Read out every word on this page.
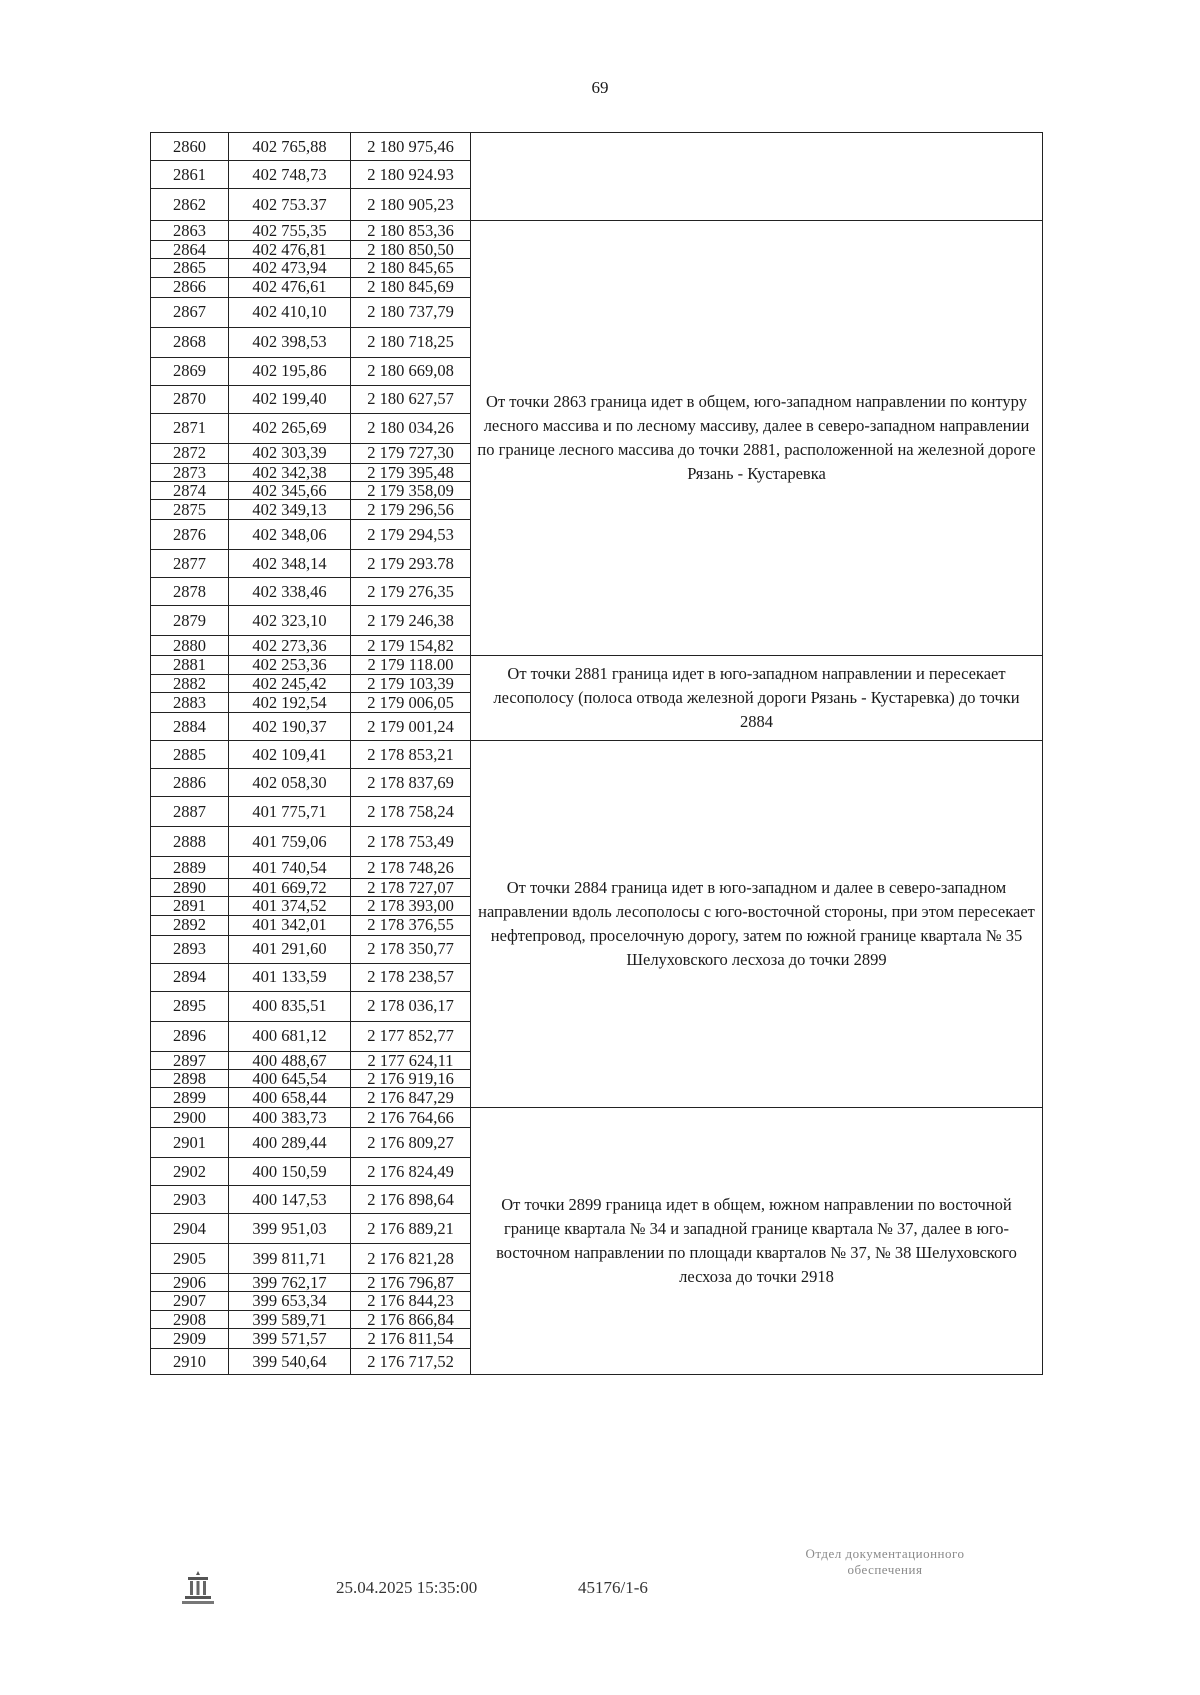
69
2860	402 765,88	2 180 975,46	
2861	402 748,73	2 180 924.93	
2862	402 753.37	2 180 905,23	
2863	402 755,35	2 180 853,36	От точки 2863 граница идет в общем, юго-западном направлении по контуру лесного массива и по лесному массиву, далее в северо-западном направлении по границе лесного массива до точки 2881, расположенной на железной дороге Рязань - Кустаревка
2864	402 476,81	2 180 850,50	
2865	402 473,94	2 180 845,65	
2866	402 476,61	2 180 845,69	
2867	402 410,10	2 180 737,79	
2868	402 398,53	2 180 718,25	
2869	402 195,86	2 180 669,08	
2870	402 199,40	2 180 627,57	
2871	402 265,69	2 180 034,26	
2872	402 303,39	2 179 727,30	
2873	402 342,38	2 179 395,48	
2874	402 345,66	2 179 358,09	
2875	402 349,13	2 179 296,56	
2876	402 348,06	2 179 294,53	
2877	402 348,14	2 179 293.78	
2878	402 338,46	2 179 276,35	
2879	402 323,10	2 179 246,38	
2880	402 273,36	2 179 154,82	
2881	402 253,36	2 179 118.00	От точки 2881 граница идет в юго-западном направлении и пересекает лесополосу (полоса отвода железной дороги Рязань - Кустаревка) до точки 2884
2882	402 245,42	2 179 103,39	
2883	402 192,54	2 179 006,05	
2884	402 190,37	2 179 001,24	
2885	402 109,41	2 178 853,21	От точки 2884 граница идет в юго-западном и далее в северо-западном направлении вдоль лесополосы с юго-восточной стороны, при этом пересекает нефтепровод, проселочную дорогу, затем по южной границе квартала № 35 Шелуховского лесхоза до точки 2899
2886	402 058,30	2 178 837,69	
2887	401 775,71	2 178 758,24	
2888	401 759,06	2 178 753,49	
2889	401 740,54	2 178 748,26	
2890	401 669,72	2 178 727,07	
2891	401 374,52	2 178 393,00	
2892	401 342,01	2 178 376,55	
2893	401 291,60	2 178 350,77	
2894	401 133,59	2 178 238,57	
2895	400 835,51	2 178 036,17	
2896	400 681,12	2 177 852,77	
2897	400 488,67	2 177 624,11	
2898	400 645,54	2 176 919,16	
2899	400 658,44	2 176 847,29	
2900	400 383,73	2 176 764,66	От точки 2899 граница идет в общем, южном направлении по восточной границе квартала № 34 и западной границе квартала № 37, далее в юго-восточном направлении по площади кварталов № 37, № 38 Шелуховского лесхоза до точки 2918
2901	400 289,44	2 176 809,27	
2902	400 150,59	2 176 824,49	
2903	400 147,53	2 176 898,64	
2904	399 951,03	2 176 889,21	
2905	399 811,71	2 176 821,28	
2906	399 762,17	2 176 796,87	
2907	399 653,34	2 176 844,23	
2908	399 589,71	2 176 866,84	
2909	399 571,57	2 176 811,54	
2910	399 540,64	2 176 717,52	
25.04.2025 15:35:00	45176/1-6
Отдел документационного
обеспечения
